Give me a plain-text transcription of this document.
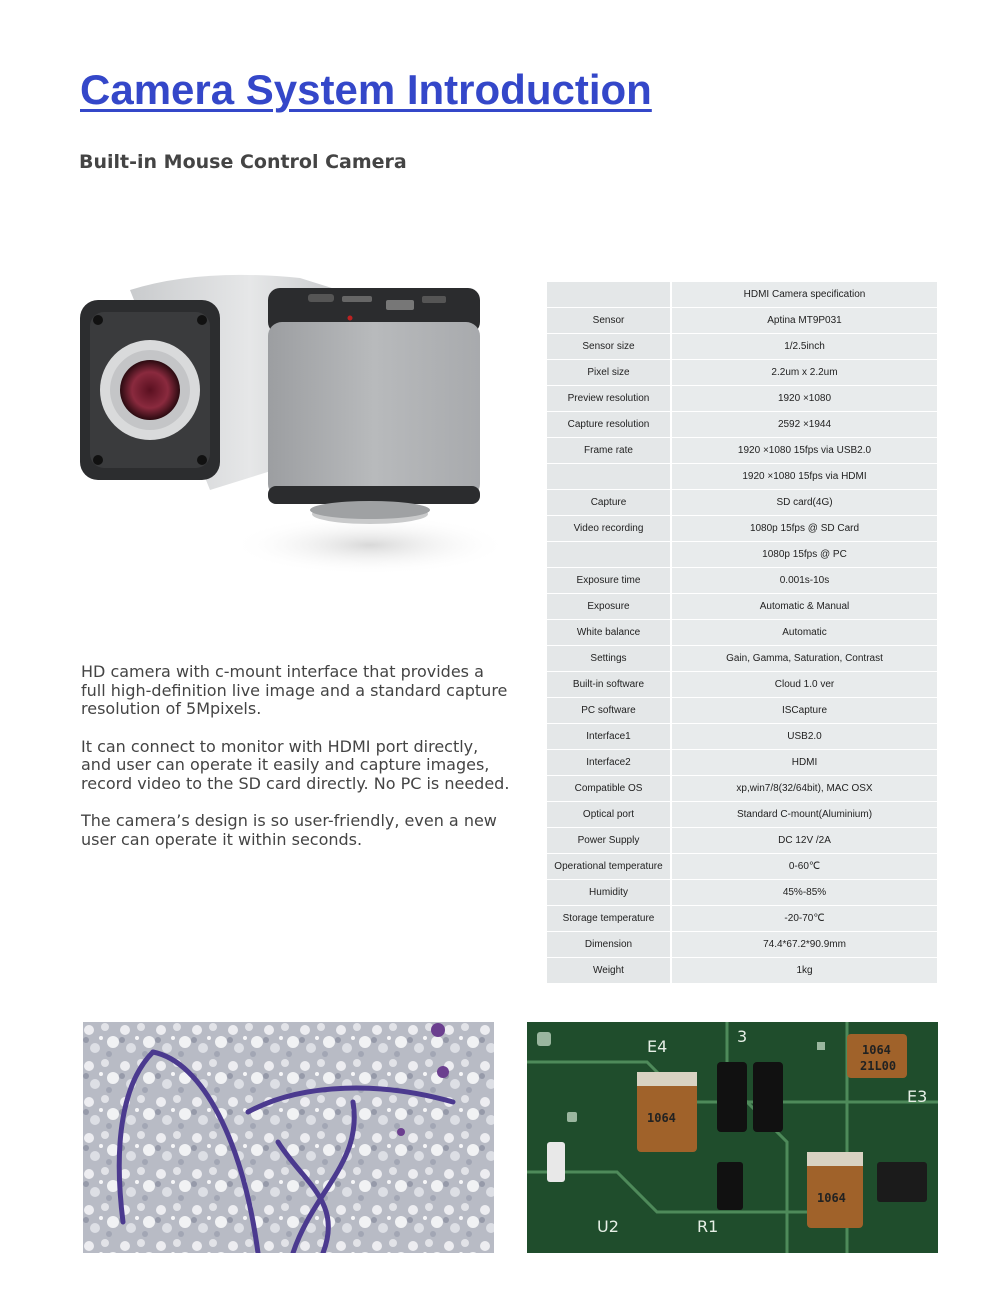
Camera System Introduction
Built-in Mouse Control Camera

HD camera with c-mount interface that provides a full high-definition live image and a standard capture resolution of 5Mpixels.

It can connect to monitor with HDMI port directly, and user can operate it easily and capture images, record video to the SD card directly. No PC is needed.

The camera’s design is so user-friendly, even a new user can operate it within seconds.

	HDMI Camera specification
Sensor	Aptina MT9P031
Sensor size	1/2.5inch
Pixel size	2.2um x 2.2um
Preview resolution	1920 ×1080
Capture resolution	2592 ×1944
Frame rate	1920 ×1080 15fps via USB2.0
	1920 ×1080 15fps via HDMI
Capture	SD card(4G)
Video recording	1080p 15fps @ SD Card
	1080p 15fps @ PC
Exposure time	0.001s-10s
Exposure	Automatic & Manual
White balance	Automatic
Settings	Gain, Gamma, Saturation, Contrast
Built-in software	Cloud 1.0 ver
PC software	ISCapture
Interface1	USB2.0
Interface2	HDMI
Compatible OS	xp,win7/8(32/64bit), MAC OSX
Optical port	Standard C-mount(Aluminium)
Power Supply	DC 12V /2A
Operational temperature	0-60℃
Humidity	45%-85%
Storage temperature	-20-70℃
Dimension	74.4*67.2*90.9mm
Weight	1kg
1064
21L00
1064
1064
E4
3
U2	R1
E3
